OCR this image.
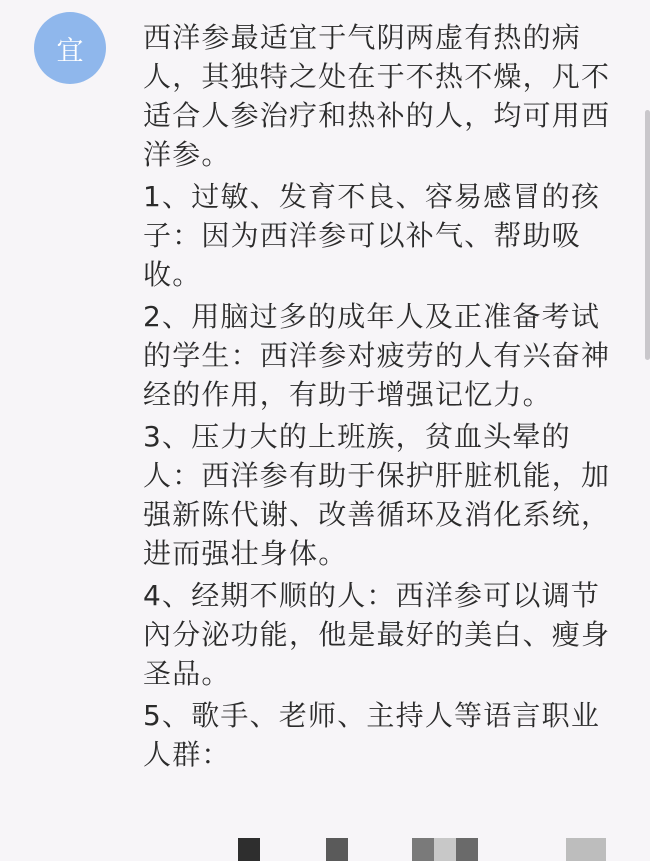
宜 西洋参最适宜于气阴两虚有热的病人，其独特之处在于不热不燥，凡不适合人参治疗和热补的人，均可用西洋参。

1、过敏、发育不良、容易感冒的孩子：因为西洋参可以补气、帮助吸收。

2、用脑过多的成年人及正准备考试的学生：西洋参对疲劳的人有兴奋神经的作用，有助于增强记忆力。

3、压力大的上班族，贫血头晕的人：西洋参有助于保护肝脏机能，加强新陈代谢、改善循环及消化系统，进而强壮身体。

4、经期不顺的人：西洋参可以调节內分泌功能，他是最好的美白、瘦身圣品。

5、歌手、老师、主持人等语言职业人群：
